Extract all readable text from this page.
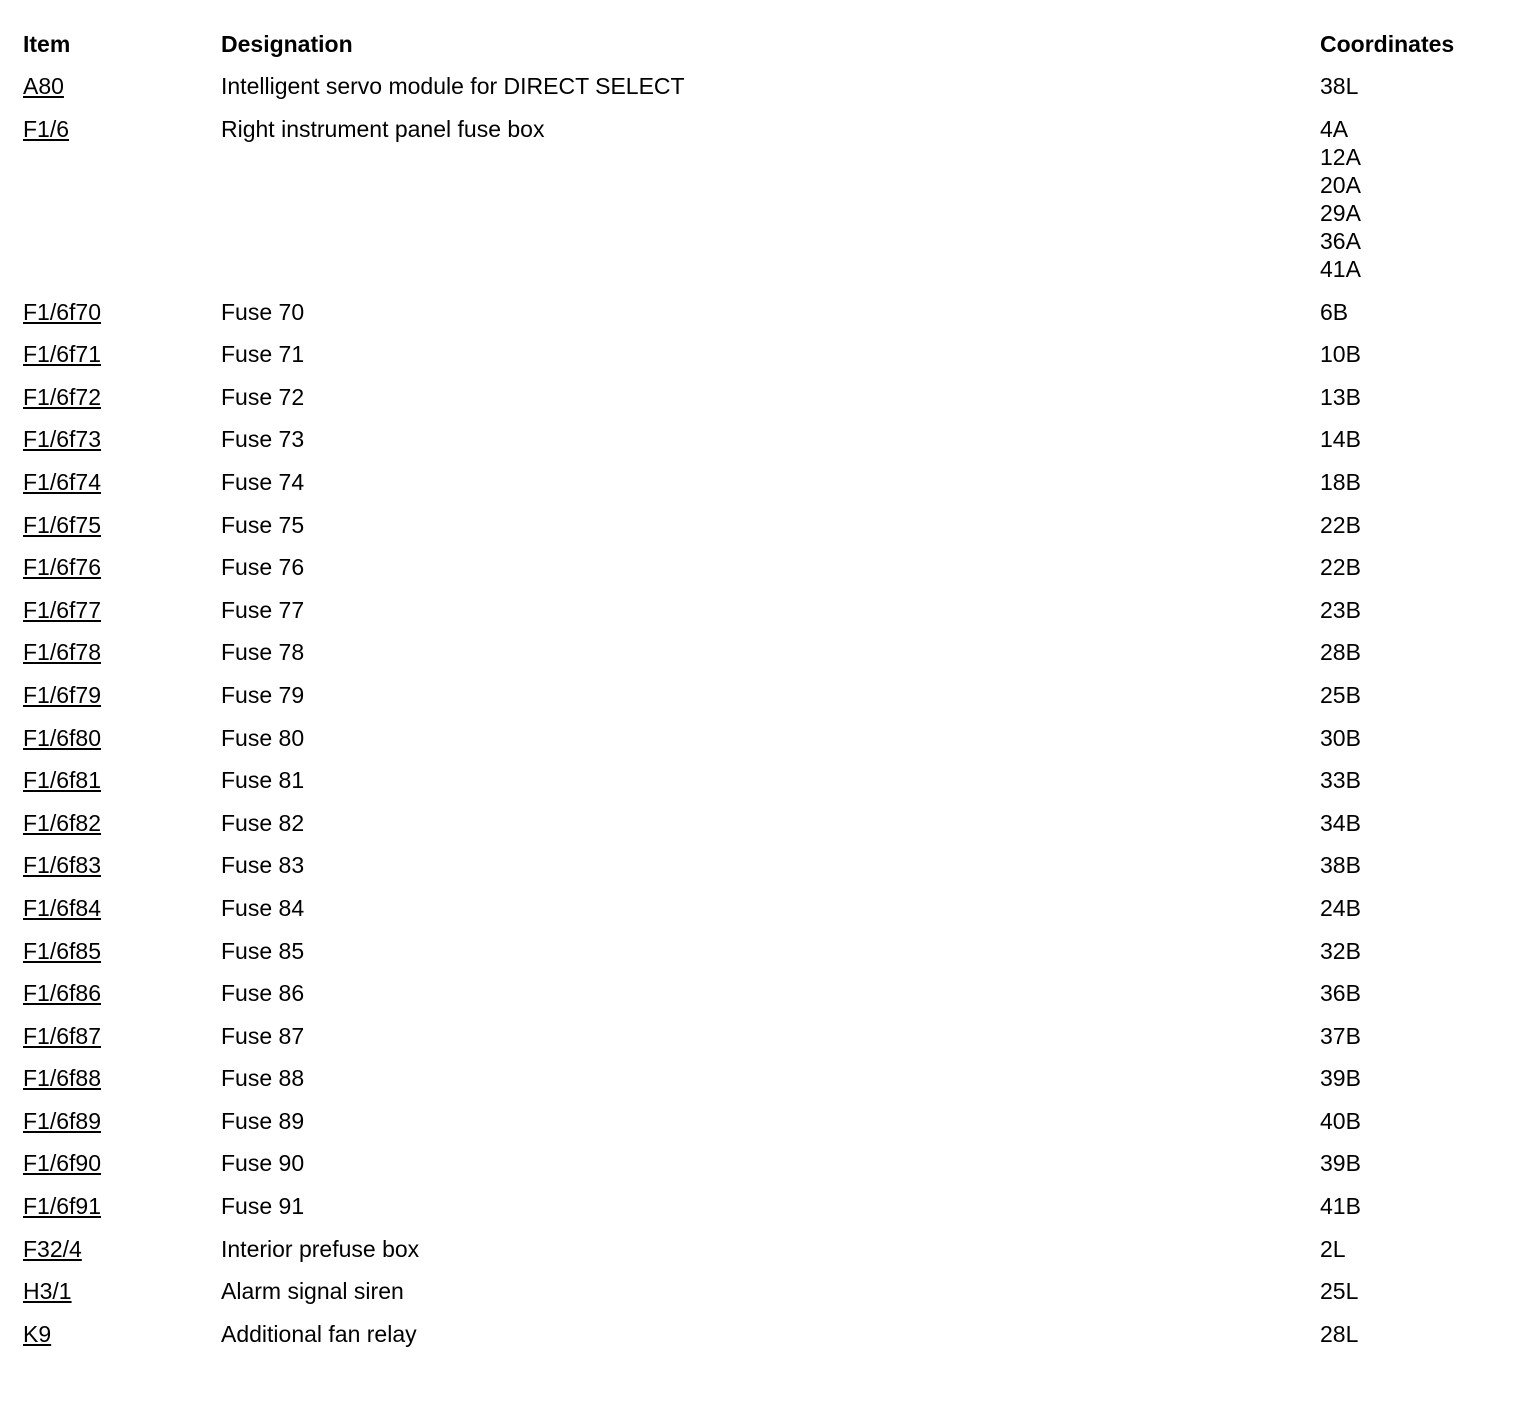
Item	Designation	Coordinates
A80	Intelligent servo module for DIRECT SELECT	38L
F1/6	Right instrument panel fuse box	4A
12A
20A
29A
36A
41A
F1/6f70	Fuse 70	6B
F1/6f71	Fuse 71	10B
F1/6f72	Fuse 72	13B
F1/6f73	Fuse 73	14B
F1/6f74	Fuse 74	18B
F1/6f75	Fuse 75	22B
F1/6f76	Fuse 76	22B
F1/6f77	Fuse 77	23B
F1/6f78	Fuse 78	28B
F1/6f79	Fuse 79	25B
F1/6f80	Fuse 80	30B
F1/6f81	Fuse 81	33B
F1/6f82	Fuse 82	34B
F1/6f83	Fuse 83	38B
F1/6f84	Fuse 84	24B
F1/6f85	Fuse 85	32B
F1/6f86	Fuse 86	36B
F1/6f87	Fuse 87	37B
F1/6f88	Fuse 88	39B
F1/6f89	Fuse 89	40B
F1/6f90	Fuse 90	39B
F1/6f91	Fuse 91	41B
F32/4	Interior prefuse box	2L
H3/1	Alarm signal siren	25L
K9	Additional fan relay	28L
